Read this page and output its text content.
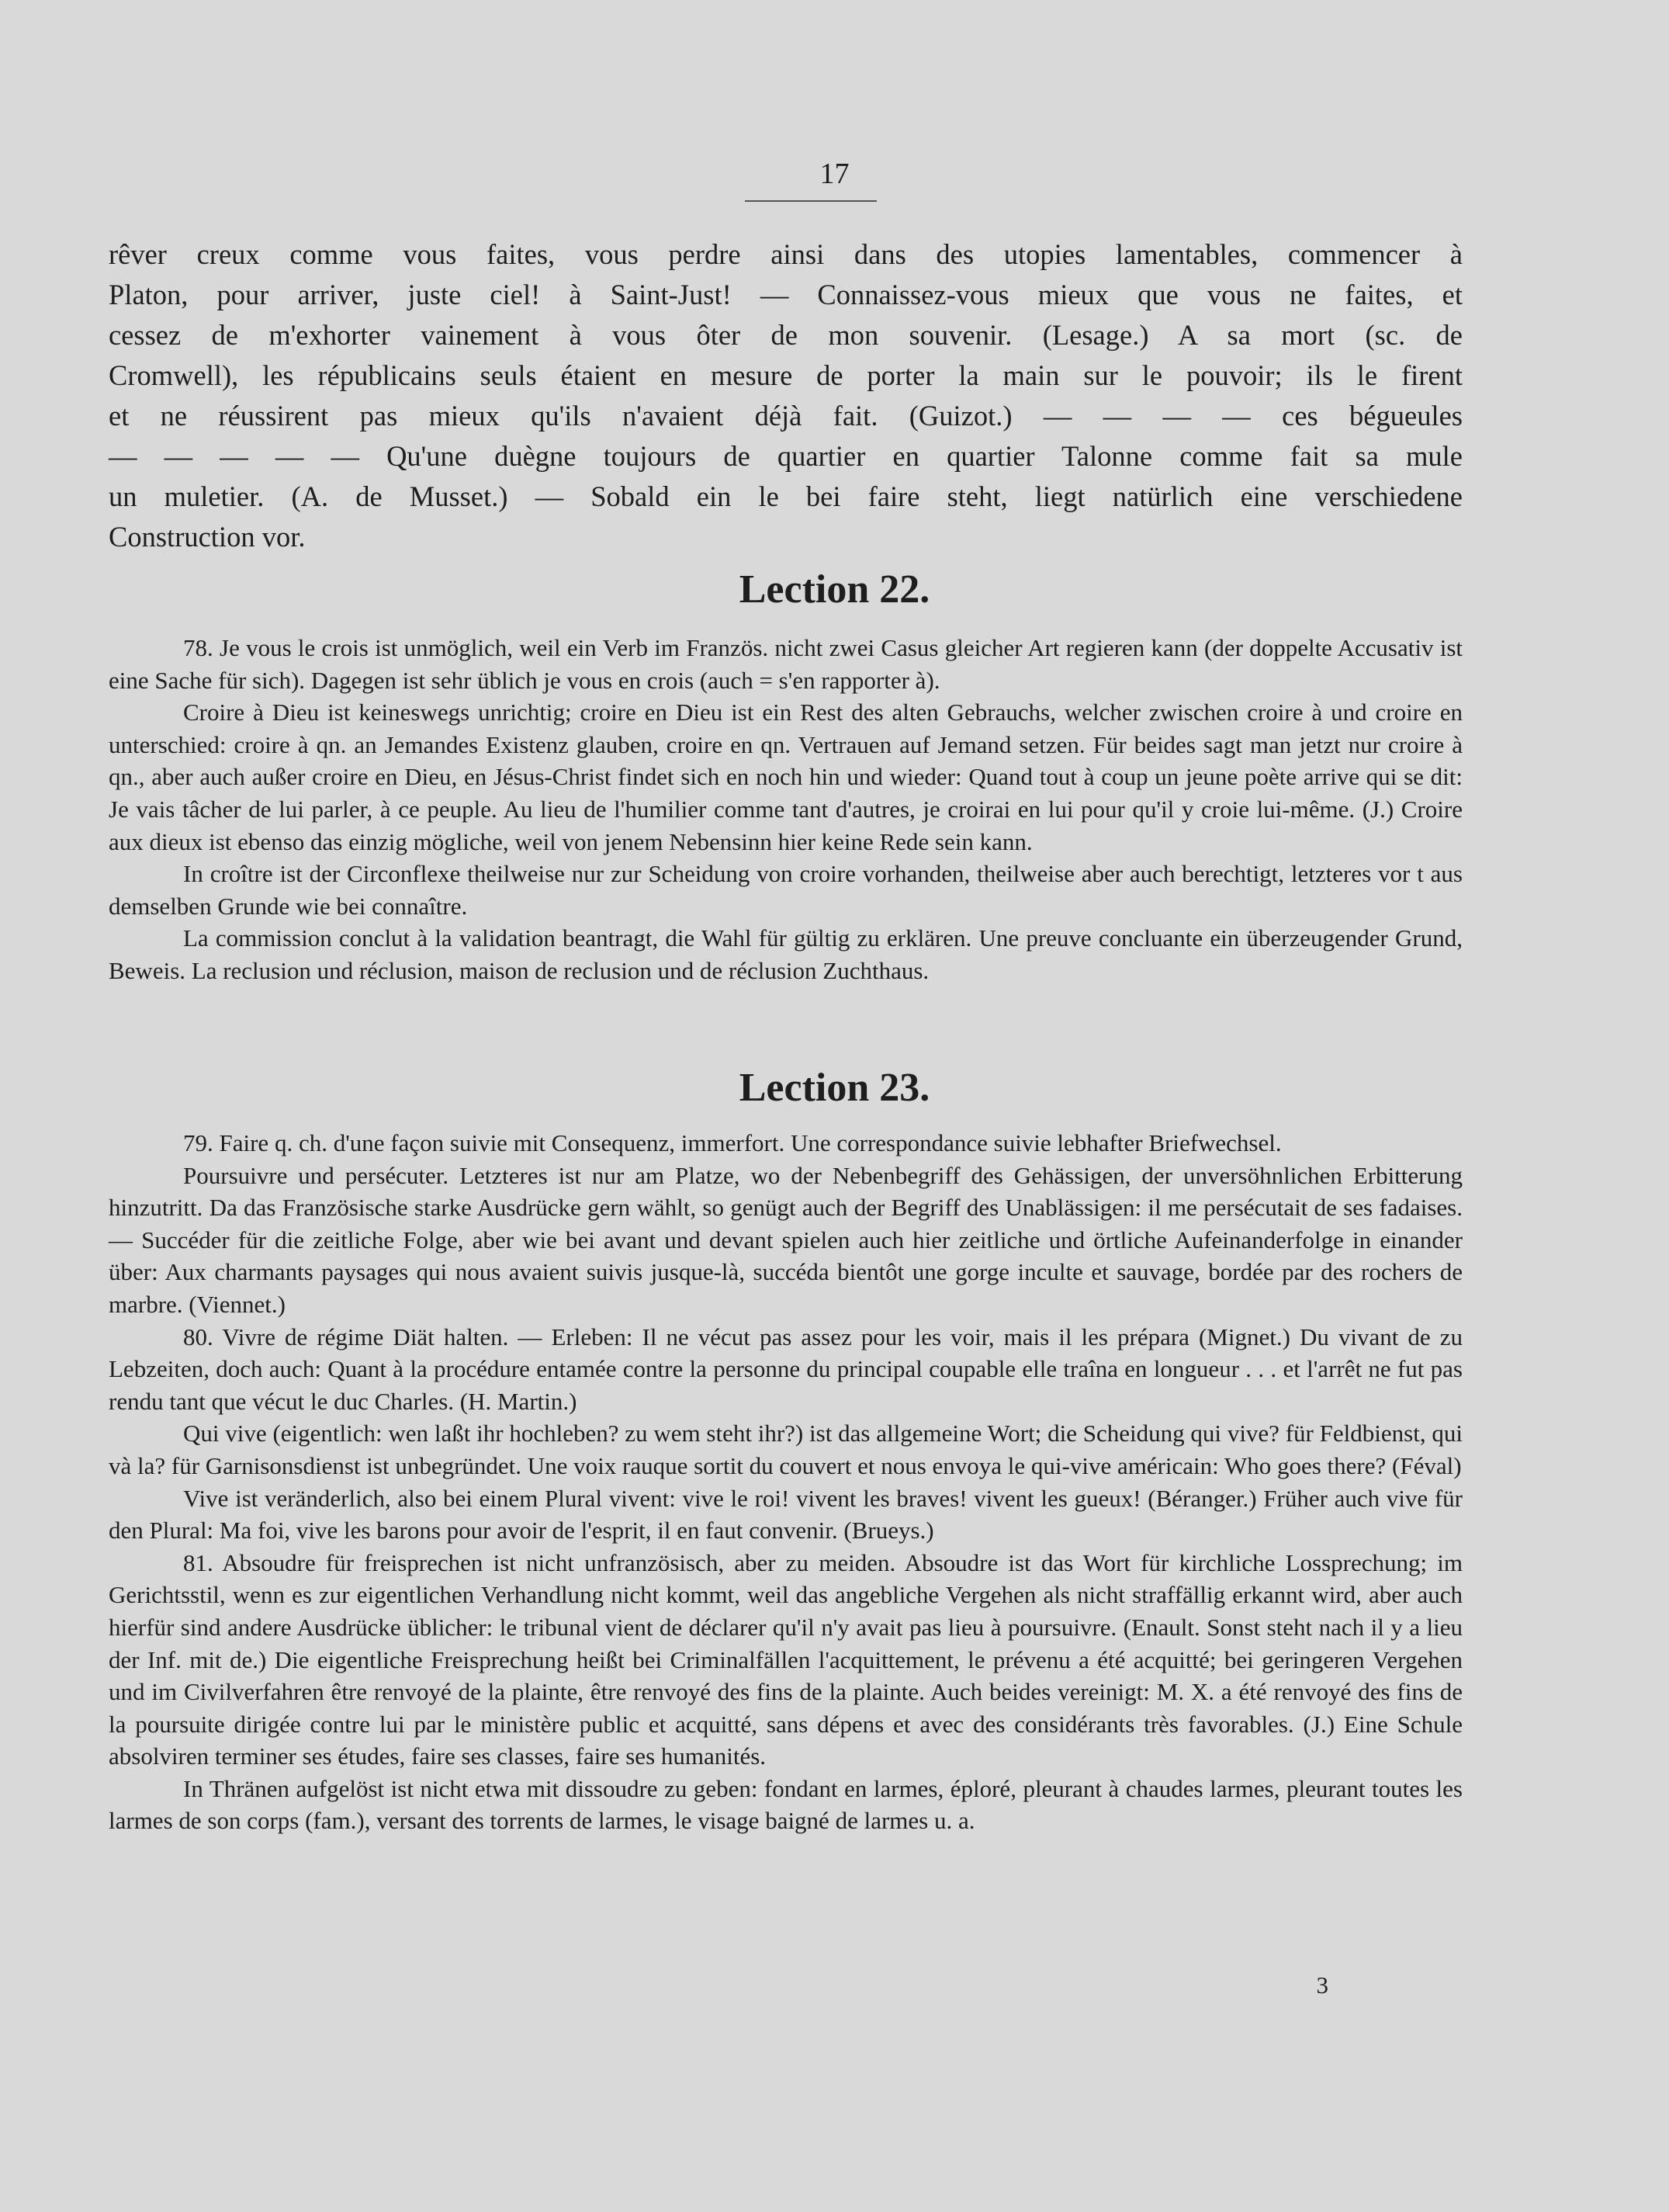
17

rêver creux comme vous faites, vous perdre ainsi dans des utopies lamentables, commencer à

Platon, pour arriver, juste ciel! à Saint-Just! — Connaissez-vous mieux que vous ne faites, et

cessez de m'exhorter vainement à vous ôter de mon souvenir. (Lesage.) A sa mort (sc. de

Cromwell), les républicains seuls étaient en mesure de porter la main sur le pouvoir; ils le firent

et ne réussirent pas mieux qu'ils n'avaient déjà fait. (Guizot.) — — — — ces bégueules

— — — — — Qu'une duègne toujours de quartier en quartier Talonne comme fait sa mule

un muletier. (A. de Musset.) — Sobald ein le bei faire steht, liegt natürlich eine verschiedene

Construction vor.

Lection 22.

78. Je vous le crois ist unmöglich, weil ein Verb im Französ. nicht zwei Casus gleicher Art regieren kann (der doppelte Accusativ ist eine Sache für sich). Dagegen ist sehr üblich je vous en crois (auch = s'en rapporter à).

Croire à Dieu ist keineswegs unrichtig; croire en Dieu ist ein Rest des alten Gebrauchs, welcher zwischen croire à und croire en unterschied: croire à qn. an Jemandes Existenz glauben, croire en qn. Vertrauen auf Jemand setzen. Für beides sagt man jetzt nur croire à qn., aber auch außer croire en Dieu, en Jésus-Christ findet sich en noch hin und wieder: Quand tout à coup un jeune poète arrive qui se dit: Je vais tâcher de lui parler, à ce peuple. Au lieu de l'humilier comme tant d'autres, je croirai en lui pour qu'il y croie lui-même. (J.) Croire aux dieux ist ebenso das einzig mögliche, weil von jenem Nebensinn hier keine Rede sein kann.

In croître ist der Circonflexe theilweise nur zur Scheidung von croire vorhanden, theilweise aber auch berechtigt, letzteres vor t aus demselben Grunde wie bei connaître.

La commission conclut à la validation beantragt, die Wahl für gültig zu erklären. Une preuve concluante ein überzeugender Grund, Beweis. La reclusion und réclusion, maison de reclusion und de réclusion Zuchthaus.

Lection 23.

79. Faire q. ch. d'une façon suivie mit Consequenz, immerfort. Une correspondance suivie lebhafter Briefwechsel.

Poursuivre und persécuter. Letzteres ist nur am Platze, wo der Nebenbegriff des Gehässigen, der unversöhnlichen Erbitterung hinzutritt. Da das Französische starke Ausdrücke gern wählt, so genügt auch der Begriff des Unablässigen: il me persécutait de ses fadaises. — Succéder für die zeitliche Folge, aber wie bei avant und devant spielen auch hier zeitliche und örtliche Aufeinanderfolge in einander über: Aux charmants paysages qui nous avaient suivis jusque-là, succéda bientôt une gorge inculte et sauvage, bordée par des rochers de marbre. (Viennet.)

80. Vivre de régime Diät halten. — Erleben: Il ne vécut pas assez pour les voir, mais il les prépara (Mignet.) Du vivant de zu Lebzeiten, doch auch: Quant à la procédure entamée contre la personne du principal coupable elle traîna en longueur . . . et l'arrêt ne fut pas rendu tant que vécut le duc Charles. (H. Martin.)

Qui vive (eigentlich: wen laßt ihr hochleben? zu wem steht ihr?) ist das allgemeine Wort; die Scheidung qui vive? für Feldbienst, qui và la? für Garnisonsdienst ist unbegründet. Une voix rauque sortit du couvert et nous envoya le qui-vive américain: Who goes there? (Féval)

Vive ist veränderlich, also bei einem Plural vivent: vive le roi! vivent les braves! vivent les gueux! (Béranger.) Früher auch vive für den Plural: Ma foi, vive les barons pour avoir de l'esprit, il en faut convenir. (Brueys.)

81. Absoudre für freisprechen ist nicht unfranzösisch, aber zu meiden. Absoudre ist das Wort für kirchliche Lossprechung; im Gerichtsstil, wenn es zur eigentlichen Verhandlung nicht kommt, weil das angebliche Vergehen als nicht straffällig erkannt wird, aber auch hierfür sind andere Ausdrücke üblicher: le tribunal vient de déclarer qu'il n'y avait pas lieu à poursuivre. (Enault. Sonst steht nach il y a lieu der Inf. mit de.) Die eigentliche Freisprechung heißt bei Criminalfällen l'acquittement, le prévenu a été acquitté; bei geringeren Vergehen und im Civilverfahren être renvoyé de la plainte, être renvoyé des fins de la plainte. Auch beides vereinigt: M. X. a été renvoyé des fins de la poursuite dirigée contre lui par le ministère public et acquitté, sans dépens et avec des considérants très favorables. (J.) Eine Schule absolviren terminer ses études, faire ses classes, faire ses humanités.

In Thränen aufgelöst ist nicht etwa mit dissoudre zu geben: fondant en larmes, éploré, pleurant à chaudes larmes, pleurant toutes les larmes de son corps (fam.), versant des torrents de larmes, le visage baigné de larmes u. a.

3
